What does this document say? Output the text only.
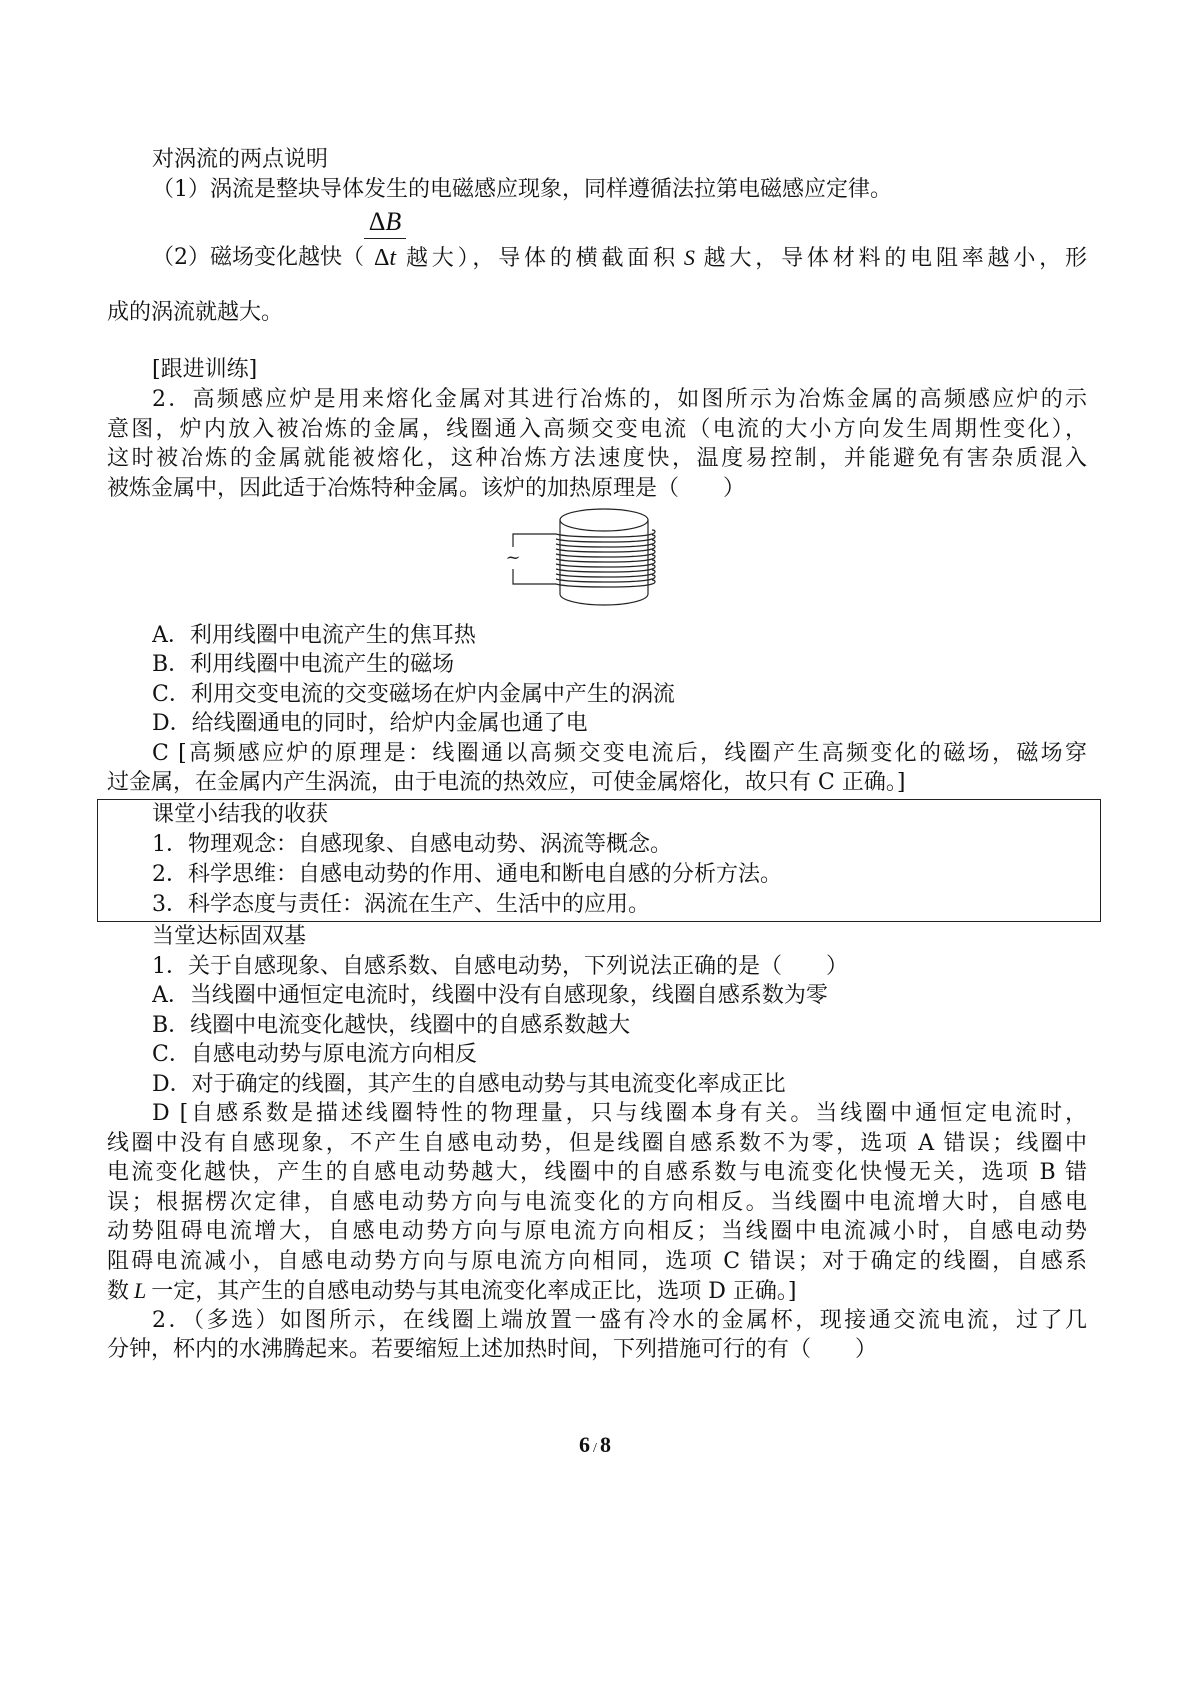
对涡流的两点说明
（1）涡流是整块导体发生的电磁感应现象，同样遵循法拉第电磁感应定律。
（2）磁场变化越快（
ΔB
Δt 越大），导体的横截面积 S 越大，导体材料的电阻率越小，形
成的涡流就越大。
[跟进训练]
2．高频感应炉是用来熔化金属对其进行冶炼的，如图所示为冶炼金属的高频感应炉的示
意图，炉内放入被冶炼的金属，线圈通入高频交变电流（电流的大小方向发生周期性变化），
这时被冶炼的金属就能被熔化，这种冶炼方法速度快，温度易控制，并能避免有害杂质混入
被炼金属中，因此适于冶炼特种金属。该炉的加热原理是（　　）
~
A．利用线圈中电流产生的焦耳热
B．利用线圈中电流产生的磁场
C．利用交变电流的交变磁场在炉内金属中产生的涡流
D．给线圈通电的同时，给炉内金属也通了电
C [高频感应炉的原理是：线圈通以高频交变电流后，线圈产生高频变化的磁场，磁场穿
过金属，在金属内产生涡流，由于电流的热效应，可使金属熔化，故只有 C 正确。]
课堂小结我的收获
1．物理观念：自感现象、自感电动势、涡流等概念。
2．科学思维：自感电动势的作用、通电和断电自感的分析方法。
3．科学态度与责任：涡流在生产、生活中的应用。
当堂达标固双基
1．关于自感现象、自感系数、自感电动势，下列说法正确的是（　　）
A．当线圈中通恒定电流时，线圈中没有自感现象，线圈自感系数为零
B．线圈中电流变化越快，线圈中的自感系数越大
C．自感电动势与原电流方向相反
D．对于确定的线圈，其产生的自感电动势与其电流变化率成正比
D [自感系数是描述线圈特性的物理量，只与线圈本身有关。当线圈中通恒定电流时，
线圈中没有自感现象，不产生自感电动势，但是线圈自感系数不为零，选项 A 错误；线圈中
电流变化越快，产生的自感电动势越大，线圈中的自感系数与电流变化快慢无关，选项 B 错
误；根据楞次定律，自感电动势方向与电流变化的方向相反。当线圈中电流增大时，自感电
动势阻碍电流增大，自感电动势方向与原电流方向相反；当线圈中电流减小时，自感电动势
阻碍电流减小，自感电动势方向与原电流方向相同，选项 C 错误；对于确定的线圈，自感系
数 L 一定，其产生的自感电动势与其电流变化率成正比，选项 D 正确。]
2．（多选）如图所示，在线圈上端放置一盛有冷水的金属杯，现接通交流电流，过了几
分钟，杯内的水沸腾起来。若要缩短上述加热时间，下列措施可行的有（　　）
6 / 8
